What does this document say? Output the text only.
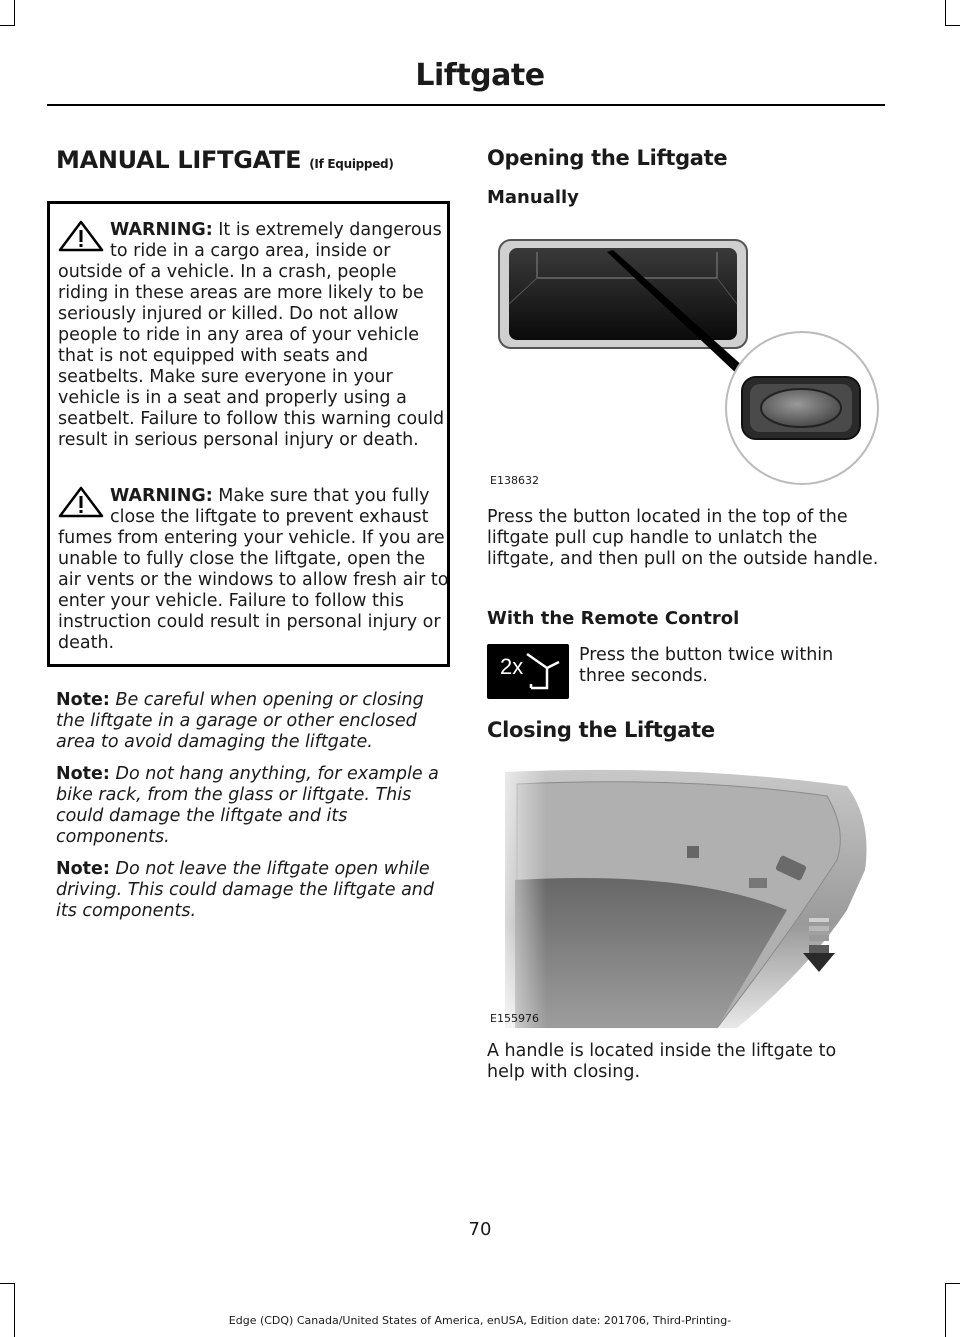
Liftgate
MANUAL LIFTGATE (If Equipped)
WARNING: It is extremely dangerous to ride in a cargo area, inside or outside of a vehicle. In a crash, people riding in these areas are more likely to be seriously injured or killed. Do not allow people to ride in any area of your vehicle that is not equipped with seats and seatbelts. Make sure everyone in your vehicle is in a seat and properly using a seatbelt. Failure to follow this warning could result in serious personal injury or death.
WARNING: Make sure that you fully close the liftgate to prevent exhaust fumes from entering your vehicle. If you are unable to fully close the liftgate, open the air vents or the windows to allow fresh air to enter your vehicle. Failure to follow this instruction could result in personal injury or death.
Note: Be careful when opening or closing the liftgate in a garage or other enclosed area to avoid damaging the liftgate.
Note: Do not hang anything, for example a bike rack, from the glass or liftgate. This could damage the liftgate and its components.
Note: Do not leave the liftgate open while driving. This could damage the liftgate and its components.
Opening the Liftgate
Manually
E138632
Press the button located in the top of the liftgate pull cup handle to unlatch the liftgate, and then pull on the outside handle.
With the Remote Control
2x	Press the button twice within three seconds.
Closing the Liftgate
E155976
A handle is located inside the liftgate to help with closing.
70
Edge (CDQ) Canada/United States of America, enUSA, Edition date: 201706, Third-Printing-
